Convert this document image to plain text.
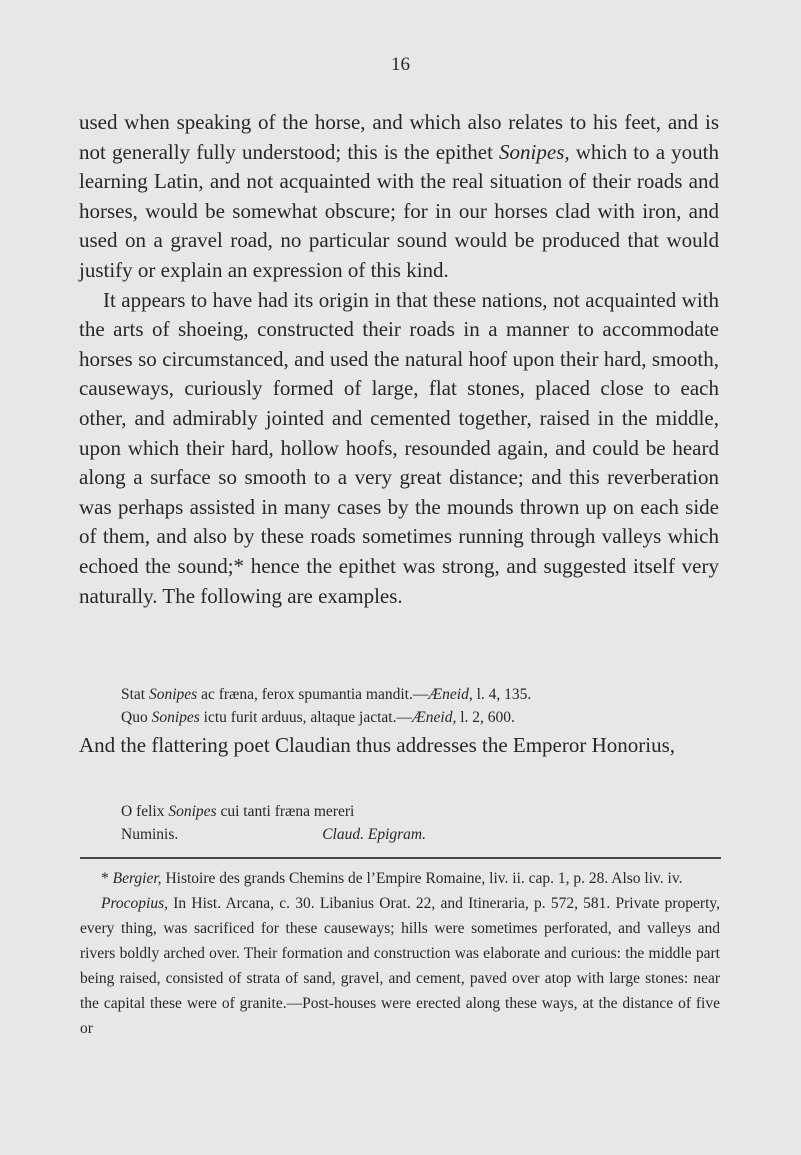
16

used when speaking of the horse, and which also relates to his feet, and is not generally fully understood; this is the epithet Sonipes, which to a youth learning Latin, and not acquainted with the real situation of their roads and horses, would be somewhat obscure; for in our horses clad with iron, and used on a gravel road, no particular sound would be produced that would justify or explain an expression of this kind.

It appears to have had its origin in that these nations, not acquainted with the arts of shoeing, constructed their roads in a manner to accommodate horses so circumstanced, and used the natural hoof upon their hard, smooth, causeways, curiously formed of large, flat stones, placed close to each other, and admirably jointed and cemented together, raised in the middle, upon which their hard, hollow hoofs, resounded again, and could be heard along a surface so smooth to a very great distance; and this reverberation was perhaps assisted in many cases by the mounds thrown up on each side of them, and also by these roads sometimes running through valleys which echoed the sound;* hence the epithet was strong, and suggested itself very naturally. The following are examples.

Stat Sonipes ac fræna, ferox spumantia mandit.—Æneid, l. 4, 135.
Quo Sonipes ictu furit arduus, altaque jactat.—Æneid, l. 2, 600.
And the flattering poet Claudian thus addresses the Emperor Honorius,
O felix Sonipes cui tanti fræna mereri
Numinis.	Claud. Epigram.

* Bergier, Histoire des grands Chemins de l’Empire Romaine, liv. ii. cap. 1, p. 28. Also liv. iv.

Procopius, In Hist. Arcana, c. 30. Libanius Orat. 22, and Itineraria, p. 572, 581. Private property, every thing, was sacrificed for these causeways; hills were sometimes perforated, and valleys and rivers boldly arched over. Their formation and construction was elaborate and curious: the middle part being raised, consisted of strata of sand, gravel, and cement, paved over atop with large stones: near the capital these were of granite.—Post-houses were erected along these ways, at the distance of five or
